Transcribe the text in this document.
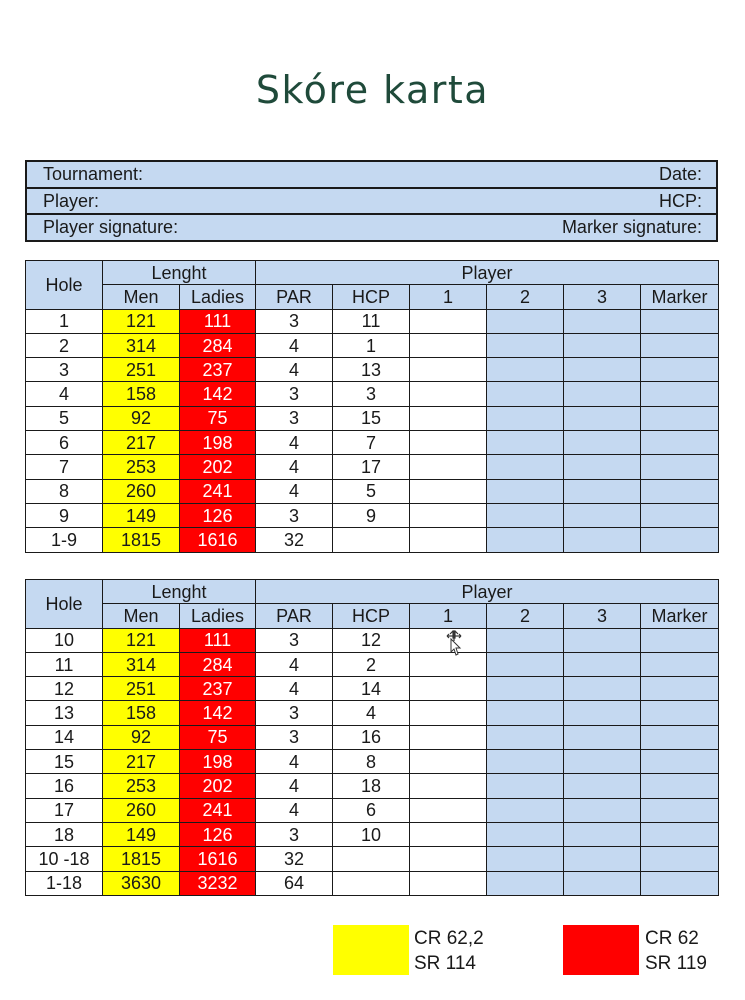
Skóre karta
Tournament:	Date:
Player:	HCP:
Player signature:	Marker signature:
Hole	Lenght		Player					
	Men	Ladies	PAR	HCP	1	2	3	Marker
1	121	111	3	11				
2	314	284	4	1				
3	251	237	4	13				
4	158	142	3	3				
5	92	75	3	15				
6	217	198	4	7				
7	253	202	4	17				
8	260	241	4	5				
9	149	126	3	9				
1-9	1815	1616	32					
Hole	Lenght		Player					
	Men	Ladies	PAR	HCP	1	2	3	Marker
10	121	111	3	12				
11	314	284	4	2				
12	251	237	4	14				
13	158	142	3	4				
14	92	75	3	16				
15	217	198	4	8				
16	253	202	4	18				
17	260	241	4	6				
18	149	126	3	10				
10 -18	1815	1616	32					
1-18	3630	3232	64					
CR 62,2
SR 114
CR 62
SR 119
